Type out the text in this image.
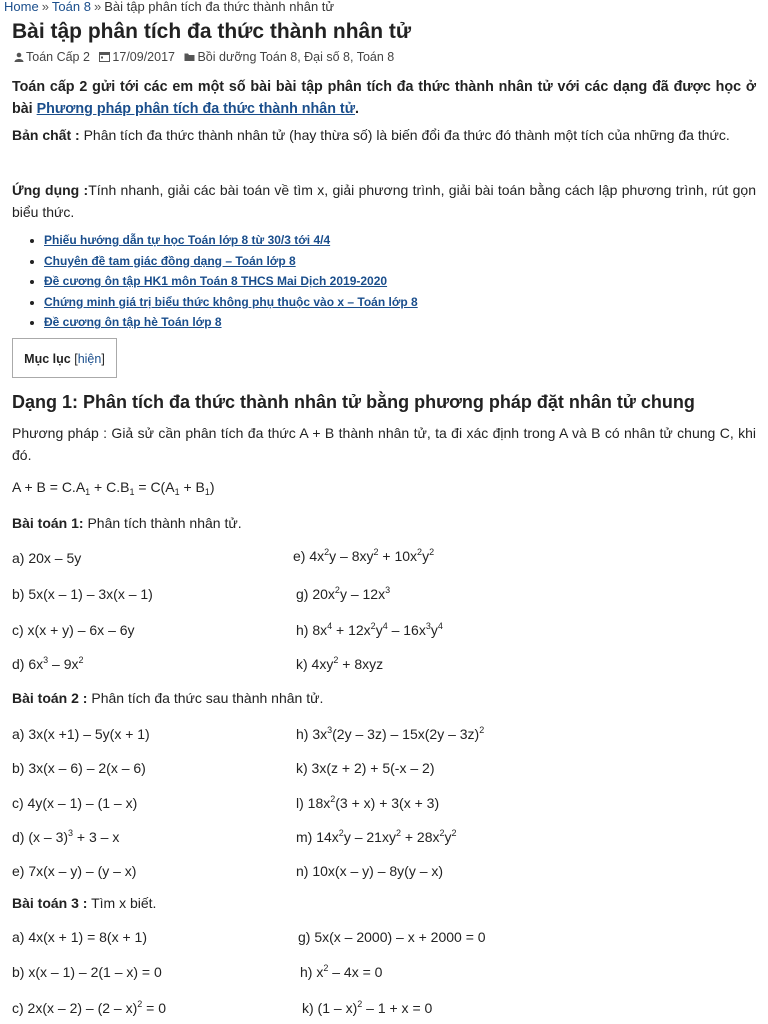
Home » Toán 8 » Bài tập phân tích đa thức thành nhân tử
Bài tập phân tích đa thức thành nhân tử
Toán Cấp 2 17/09/2017 Bồi dưỡng Toán 8, Đại số 8, Toán 8
Toán cấp 2 gửi tới các em một số bài bài tập phân tích đa thức thành nhân tử với các dạng đã được học ở bài Phương pháp phân tích đa thức thành nhân tử.
Bản chất : Phân tích đa thức thành nhân tử (hay thừa số) là biến đổi đa thức đó thành một tích của những đa thức.
Ứng dụng :Tính nhanh, giải các bài toán về tìm x, giải phương trình, giải bài toán bằng cách lập phương trình, rút gọn biểu thức.
• Phiếu hướng dẫn tự học Toán lớp 8 từ 30/3 tới 4/4
• Chuyên đề tam giác đồng dạng – Toán lớp 8
• Đề cương ôn tập HK1 môn Toán 8 THCS Mai Dịch 2019-2020
• Chứng minh giá trị biểu thức không phụ thuộc vào x – Toán lớp 8
• Đề cương ôn tập hè Toán lớp 8
Mục lục [hiện]
Dạng 1: Phân tích đa thức thành nhân tử bằng phương pháp đặt nhân tử chung
Phương pháp : Giả sử cần phân tích đa thức A + B thành nhân tử, ta đi xác định trong A và B có nhân tử chung C, khi đó.
$A + B = C.A_1 + C.B_1 = C(A_1 + B_1)$
Bài toán 1: Phân tích thành nhân tử.
a) 20x – 5y	e) $4x^2y - 8xy^2 + 10x^2y^2$
b) 5x(x – 1) – 3x(x – 1)	g) $20x^2y - 12x^3$
c) x(x + y) – 6x – 6y	h) $8x^4 + 12x^2y^4 - 16x^3y^4$
d) $6x^3 - 9x^2$	k) $4xy^2 + 8xyz$
Bài toán 2 : Phân tích đa thức sau thành nhân tử.
a) 3x(x +1) – 5y(x + 1)	h) $3x^3(2y - 3z) - 15x(2y - 3z)^2$
b) 3x(x – 6) – 2(x – 6)	k) 3x(z + 2) + 5(-x – 2)
c) 4y(x – 1) – (1 – x)	l) $18x^2(3 + x) + 3(x + 3)$
d) (x – 3)$^3$ + 3 – x	m) $14x^2y - 21xy^2 + 28x^2y^2$
e) 7x(x – y) – (y – x)	n) 10x(x – y) – 8y(y – x)
Bài toán 3 : Tìm x biết.
a) 4x(x + 1) = 8(x + 1)	g) 5x(x – 2000) – x + 2000 = 0
b) x(x – 1) – 2(1 – x) = 0	h) $x^2 - 4x = 0$
c) 2x(x – 2) – (2 – x)$^2$ = 0	k) (1 – x)$^2$ – 1 + x = 0
